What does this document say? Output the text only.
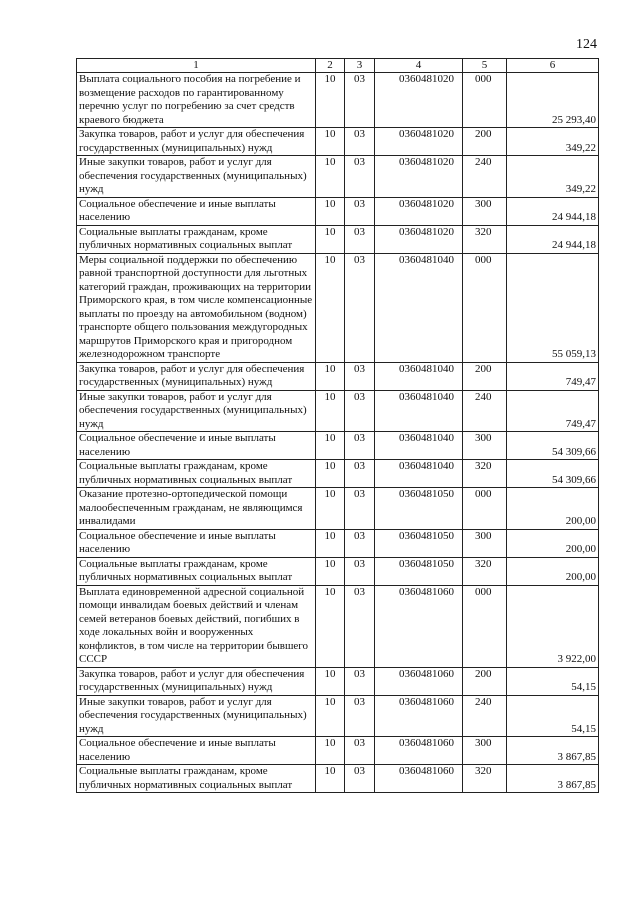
124
1	2	3	4	5	6
Выплата социального пособия на погребение и возмещение расходов по гарантированному перечню услуг по погребению за счет средств краевого бюджета	10	03	0360481020	000	25 293,40
Закупка товаров, работ и услуг для обеспечения государственных (муниципальных) нужд	10	03	0360481020	200	349,22
Иные закупки товаров, работ и услуг для обеспечения государственных (муниципальных) нужд	10	03	0360481020	240	349,22
Социальное обеспечение и иные выплаты населению	10	03	0360481020	300	24 944,18
Социальные выплаты гражданам, кроме публичных нормативных социальных выплат	10	03	0360481020	320	24 944,18
Меры социальной поддержки по обеспечению равной транспортной доступности для льготных категорий граждан, проживающих на территории Приморского края, в том числе компенсационные выплаты по проезду на автомобильном (водном) транспорте общего пользования междугородных маршрутов Приморского края и пригородном железнодорожном транспорте	10	03	0360481040	000	55 059,13
Закупка товаров, работ и услуг для обеспечения государственных (муниципальных) нужд	10	03	0360481040	200	749,47
Иные закупки товаров, работ и услуг для обеспечения государственных (муниципальных) нужд	10	03	0360481040	240	749,47
Социальное обеспечение и иные выплаты населению	10	03	0360481040	300	54 309,66
Социальные выплаты гражданам, кроме публичных нормативных социальных выплат	10	03	0360481040	320	54 309,66
Оказание протезно-ортопедической помощи малообеспеченным гражданам, не являющимся инвалидами	10	03	0360481050	000	200,00
Социальное обеспечение и иные выплаты населению	10	03	0360481050	300	200,00
Социальные выплаты гражданам, кроме публичных нормативных социальных выплат	10	03	0360481050	320	200,00
Выплата единовременной адресной социальной помощи инвалидам боевых действий и членам семей ветеранов боевых действий, погибших в ходе локальных войн и вооруженных конфликтов, в том числе на территории бывшего СССР	10	03	0360481060	000	3 922,00
Закупка товаров, работ и услуг для обеспечения государственных (муниципальных) нужд	10	03	0360481060	200	54,15
Иные закупки товаров, работ и услуг для обеспечения государственных (муниципальных) нужд	10	03	0360481060	240	54,15
Социальное обеспечение и иные выплаты населению	10	03	0360481060	300	3 867,85
Социальные выплаты гражданам, кроме публичных нормативных социальных выплат	10	03	0360481060	320	3 867,85
